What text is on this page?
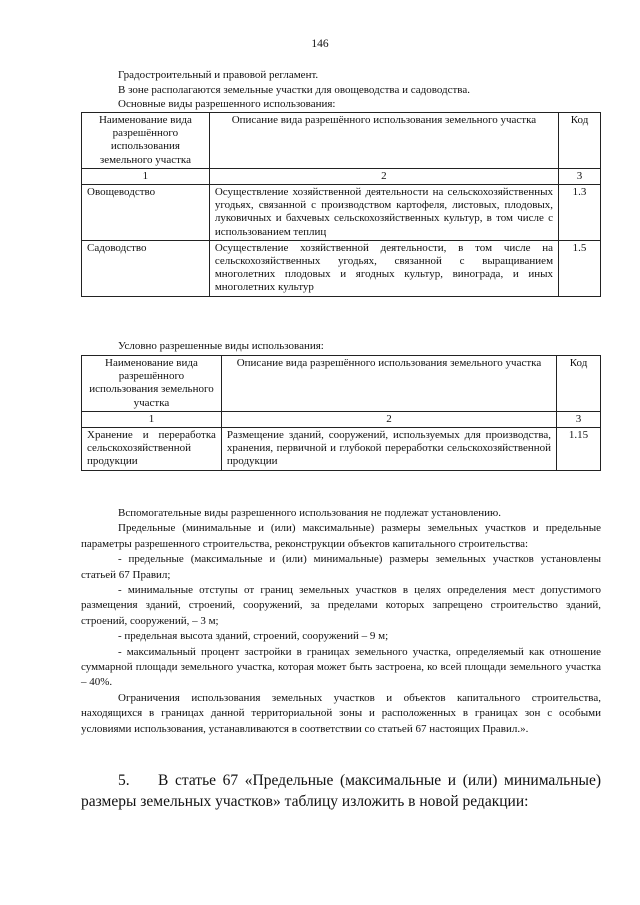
146
Градостроительный и правовой регламент.
В зоне располагаются земельные участки для овощеводства и садоводства.
Основные виды разрешенного использования:
Наименование вида разрешённого использования земельного участка	Описание вида разрешённого использования земельного участка	Код
1	2	3
Овощеводство	Осуществление хозяйственной деятельности на сельскохозяйственных угодьях, связанной с производством картофеля, листовых, плодовых, луковичных и бахчевых сельскохозяйственных культур, в том числе с использованием теплиц	1.3
Садоводство	Осуществление хозяйственной деятельности, в том числе на сельскохозяйственных угодьях, связанной с выращиванием многолетних плодовых и ягодных культур, винограда, и иных многолетних культур	1.5
Условно разрешенные виды использования:
Наименование вида разрешённого использования земельного участка	Описание вида разрешённого использования земельного участка	Код
1	2	3
Хранение и переработка сельскохозяйственной продукции	Размещение зданий, сооружений, используемых для производства, хранения, первичной и глубокой переработки сельскохозяйственной продукции	1.15

Вспомогательные виды разрешенного использования не подлежат установлению.

Предельные (минимальные и (или) максимальные) размеры земельных участков и предельные параметры разрешенного строительства, реконструкции объектов капитального строительства:

- предельные (максимальные и (или) минимальные) размеры земельных участков установлены статьей 67 Правил;

- минимальные отступы от границ земельных участков в целях определения мест допустимого размещения зданий, строений, сооружений, за пределами которых запрещено строительство зданий, строений, сооружений, – 3 м;

- предельная высота зданий, строений, сооружений – 9 м;

- максимальный процент застройки в границах земельного участка, определяемый как отношение суммарной площади земельного участка, которая может быть застроена, ко всей площади земельного участка – 40%.

Ограничения использования земельных участков и объектов капитального строительства, находящихся в границах данной территориальной зоны и расположенных в границах зон с особыми условиями использования, устанавливаются в соответствии со статьей 67 настоящих Правил.».

5. В статье 67 «Предельные (максимальные и (или) минимальные) размеры земельных участков» таблицу изложить в новой редакции:
